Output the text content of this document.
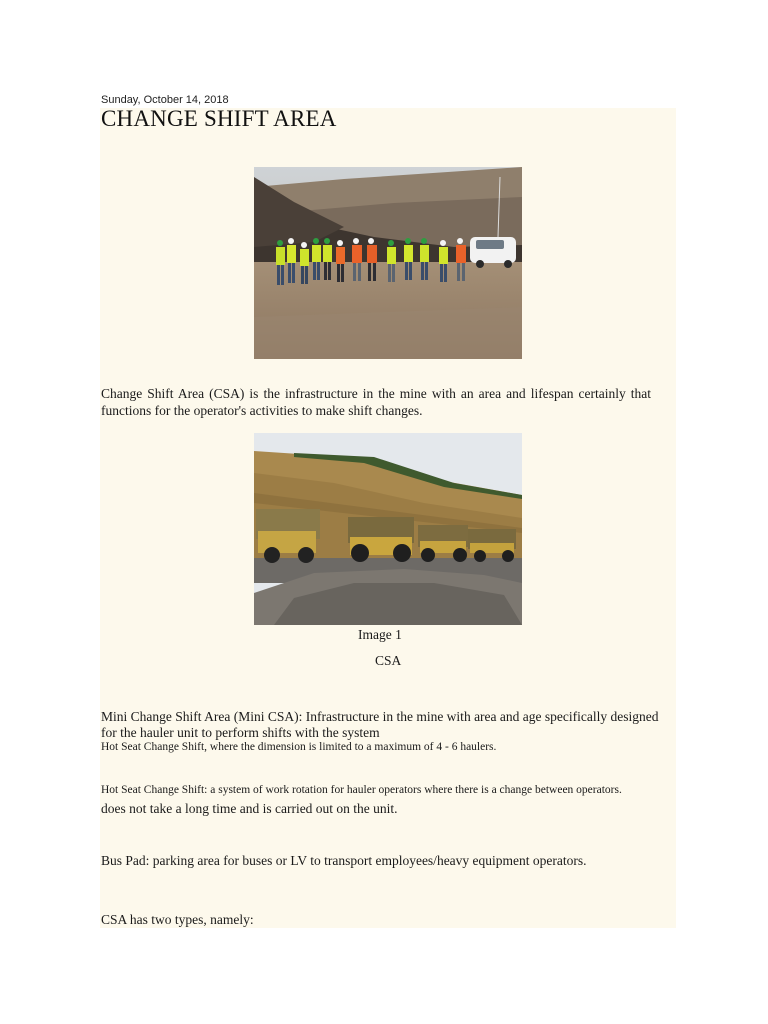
Sunday, October 14, 2018
CHANGE SHIFT AREA

Change Shift Area (CSA) is the infrastructure in the mine with an area and lifespan certainly that functions for the operator's activities to make shift changes.

Image 1
CSA

Mini Change Shift Area (Mini CSA): Infrastructure in the mine with area and age specifically designed for the hauler unit to perform shifts with the system

Hot Seat Change Shift, where the dimension is limited to a maximum of 4 - 6 haulers.

Hot Seat Change Shift: a system of work rotation for hauler operators where there is a change between operators.

does not take a long time and is carried out on the unit.

Bus Pad: parking area for buses or LV to transport employees/heavy equipment operators.

CSA has two types, namely:
